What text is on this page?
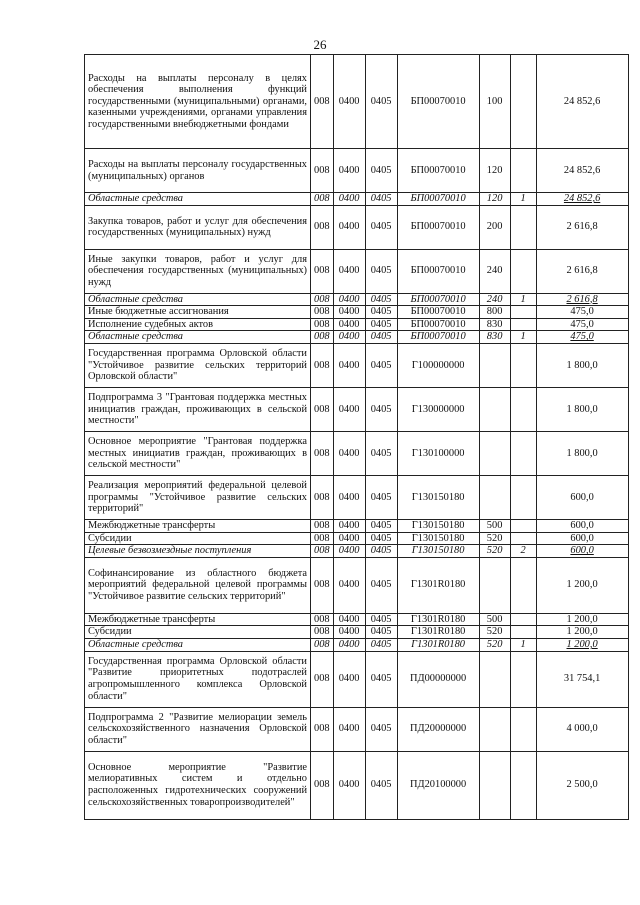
26
Расходы на выплаты персоналу в целях обеспечения выполнения функций государственными (муниципальными) органами, казенными учреждениями, органами управления государственными внебюджетными фондами	008	0400	0405	БП00070010	100		24 852,6
Расходы на выплаты персоналу государственных (муниципальных) органов	008	0400	0405	БП00070010	120		24 852,6
Областные средства	008	0400	0405	БП00070010	120	1	24 852,6
Закупка товаров, работ и услуг для обеспечения государственных (муниципальных) нужд	008	0400	0405	БП00070010	200		2 616,8
Иные закупки товаров, работ и услуг для обеспечения государственных (муниципальных) нужд	008	0400	0405	БП00070010	240		2 616,8
Областные средства	008	0400	0405	БП00070010	240	1	2 616,8
Иные бюджетные ассигнования	008	0400	0405	БП00070010	800		475,0
Исполнение судебных актов	008	0400	0405	БП00070010	830		475,0
Областные средства	008	0400	0405	БП00070010	830	1	475,0
Государственная программа Орловской области "Устойчивое развитие сельских территорий Орловской области"	008	0400	0405	Г100000000			1 800,0
Подпрограмма 3 "Грантовая поддержка местных инициатив граждан, проживающих в сельской местности"	008	0400	0405	Г130000000			1 800,0
Основное мероприятие "Грантовая поддержка местных инициатив граждан, проживающих в сельской местности"	008	0400	0405	Г130100000			1 800,0
Реализация мероприятий федеральной целевой программы "Устойчивое развитие сельских территорий"	008	0400	0405	Г130150180			600,0
Межбюджетные трансферты	008	0400	0405	Г130150180	500		600,0
Субсидии	008	0400	0405	Г130150180	520		600,0
Целевые безвозмездные поступления	008	0400	0405	Г130150180	520	2	600,0
Софинансирование из областного бюджета мероприятий федеральной целевой программы "Устойчивое развитие сельских территорий"	008	0400	0405	Г1301R0180			1 200,0
Межбюджетные трансферты	008	0400	0405	Г1301R0180	500		1 200,0
Субсидии	008	0400	0405	Г1301R0180	520		1 200,0
Областные средства	008	0400	0405	Г1301R0180	520	1	1 200,0
Государственная программа Орловской области "Развитие приоритетных подотраслей агропромышленного комплекса Орловской области"	008	0400	0405	ПД00000000			31 754,1
Подпрограмма 2 "Развитие мелиорации земель сельскохозяйственного назначения Орловской области"	008	0400	0405	ПД20000000			4 000,0
Основное мероприятие "Развитие мелиоративных систем и отдельно расположенных гидротехнических сооружений сельскохозяйственных товаропроизводителей"	008	0400	0405	ПД20100000			2 500,0
